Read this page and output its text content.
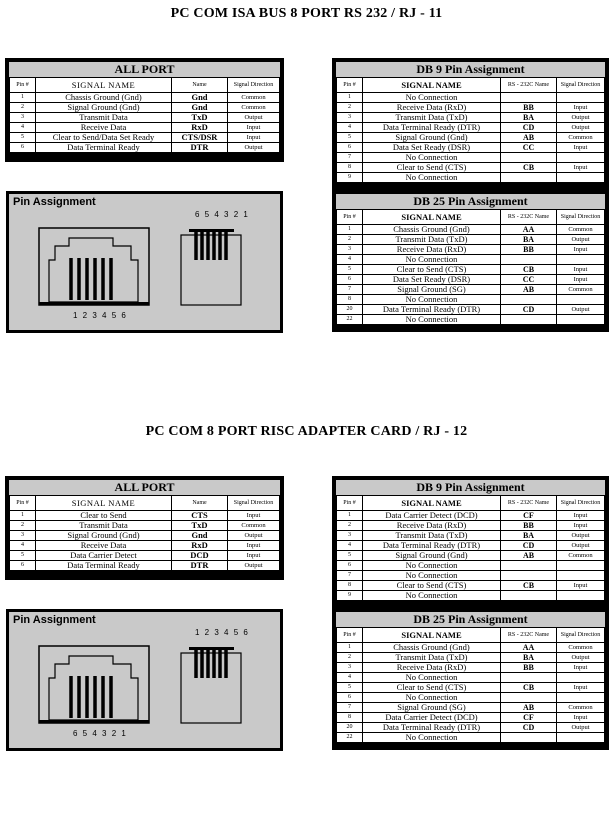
PC COM ISA BUS 8 PORT RS 232 / RJ - 11
ALL PORT
Pin #	SIGNAL NAME	Name	Signal Direction
1	Chassis Ground (Gnd)	Gnd	Common
2	Signal Ground (Gnd)	Gnd	Common
3	Transmit Data	TxD	Output
4	Receive Data	RxD	Input
5	Clear to Send/Data Set Ready	CTS/DSR	Input
6	Data Terminal Ready	DTR	Output
DB 9 Pin Assignment
Pin #	SIGNAL NAME	RS - 232C Name	Signal Direction
1	No Connection		
2	Receive Data (RxD)	BB	Input
3	Transmit Data (TxD)	BA	Output
4	Data Terminal Ready (DTR)	CD	Output
5	Signal Ground (Gnd)	AB	Common
6	Data Set Ready (DSR)	CC	Input
7	No Connection		
8	Clear to Send (CTS)	CB	Input
9	No Connection		
DB 25 Pin Assignment
Pin #	SIGNAL NAME	RS - 232C Name	Signal Direction
1	Chassis Ground (Gnd)	AA	Common
2	Transmit Data (TxD)	BA	Output
3	Receive Data (RxD)	BB	Input
4	No Connection		
5	Clear to Send (CTS)	CB	Input
6	Data Set Ready (DSR)	CC	Input
7	Signal Ground (SG)	AB	Common
8	No Connection		
20	Data Terminal Ready (DTR)	CD	Output
22	No Connection		
Pin Assignment
6 5 4 3 2 1
1 2 3 4 5 6
PC COM 8 PORT RISC ADAPTER CARD / RJ - 12
ALL PORT
Pin #	SIGNAL NAME	Name	Signal Direction
1	Clear to Send	CTS	Input
2	Transmit Data	TxD	Common
3	Signal Ground (Gnd)	Gnd	Output
4	Receive Data	RxD	Input
5	Data Carrier Detect	DCD	Input
6	Data Terminal Ready	DTR	Output
DB 9 Pin Assignment
Pin #	SIGNAL NAME	RS - 232C Name	Signal Direction
1	Data Carrier Detect (DCD)	CF	Input
2	Receive Data (RxD)	BB	Input
3	Transmit Data (TxD)	BA	Output
4	Data Terminal Ready (DTR)	CD	Output
5	Signal Ground (Gnd)	AB	Common
6	No Connection		
7	No Connection		
8	Clear to Send (CTS)	CB	Input
9	No Connection		
DB 25 Pin Assignment
Pin #	SIGNAL NAME	RS - 232C Name	Signal Direction
1	Chassis Ground (Gnd)	AA	Common
2	Transmit Data (TxD)	BA	Output
3	Receive Data (RxD)	BB	Input
4	No Connection		
5	Clear to Send (CTS)	CB	Input
6	No Connection		
7	Signal Ground (SG)	AB	Common
8	Data Carrier Detect (DCD)	CF	Input
20	Data Terminal Ready (DTR)	CD	Output
22	No Connection		
Pin Assignment
1 2 3 4 5 6
6 5 4 3 2 1
